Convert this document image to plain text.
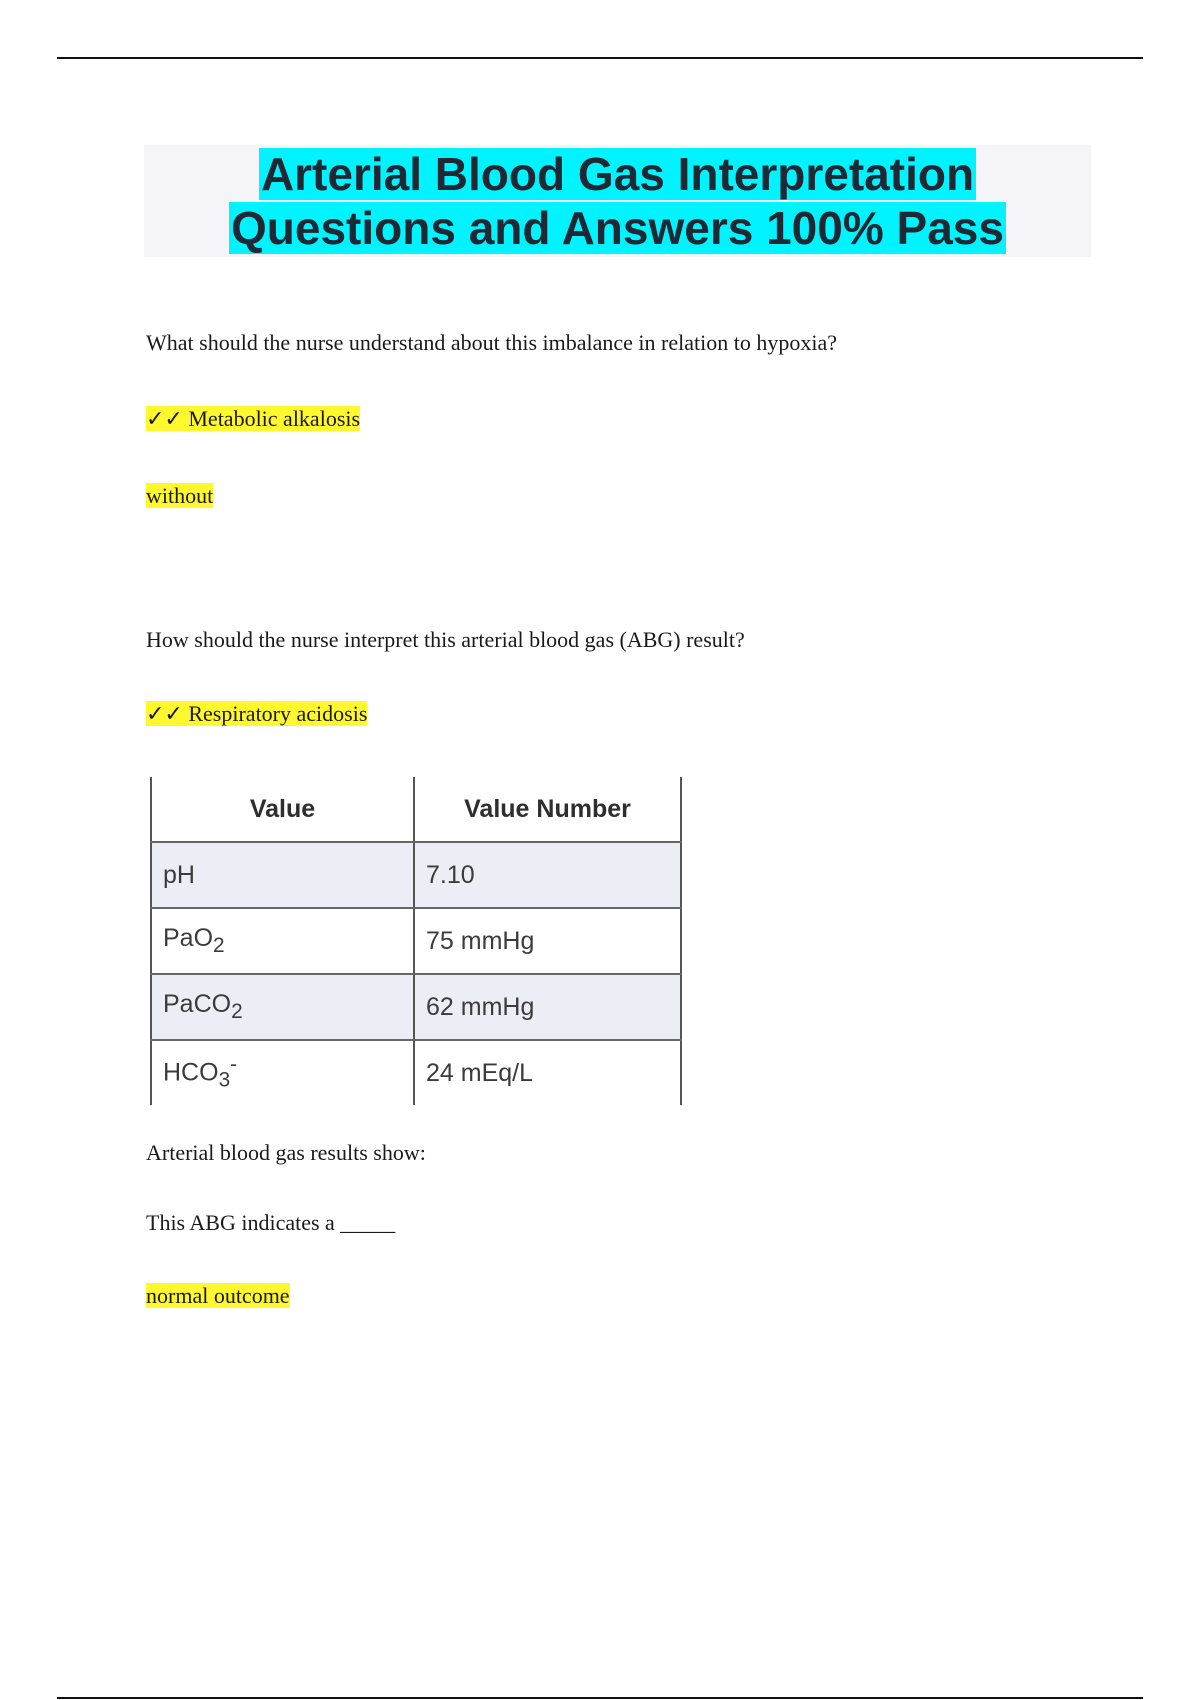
Arterial Blood Gas Interpretation
Questions and Answers 100% Pass

What should the nurse understand about this imbalance in relation to hypoxia?

✓✓ Metabolic alkalosis

without

How should the nurse interpret this arterial blood gas (ABG) result?

✓✓ Respiratory acidosis

Value	Value Number
pH	7.10
PaO$_2$	75 mmHg
PaCO$_2$	62 mmHg
$HCO_3^-$	24 mEq/L

Arterial blood gas results show:

This ABG indicates a _____

normal outcome
